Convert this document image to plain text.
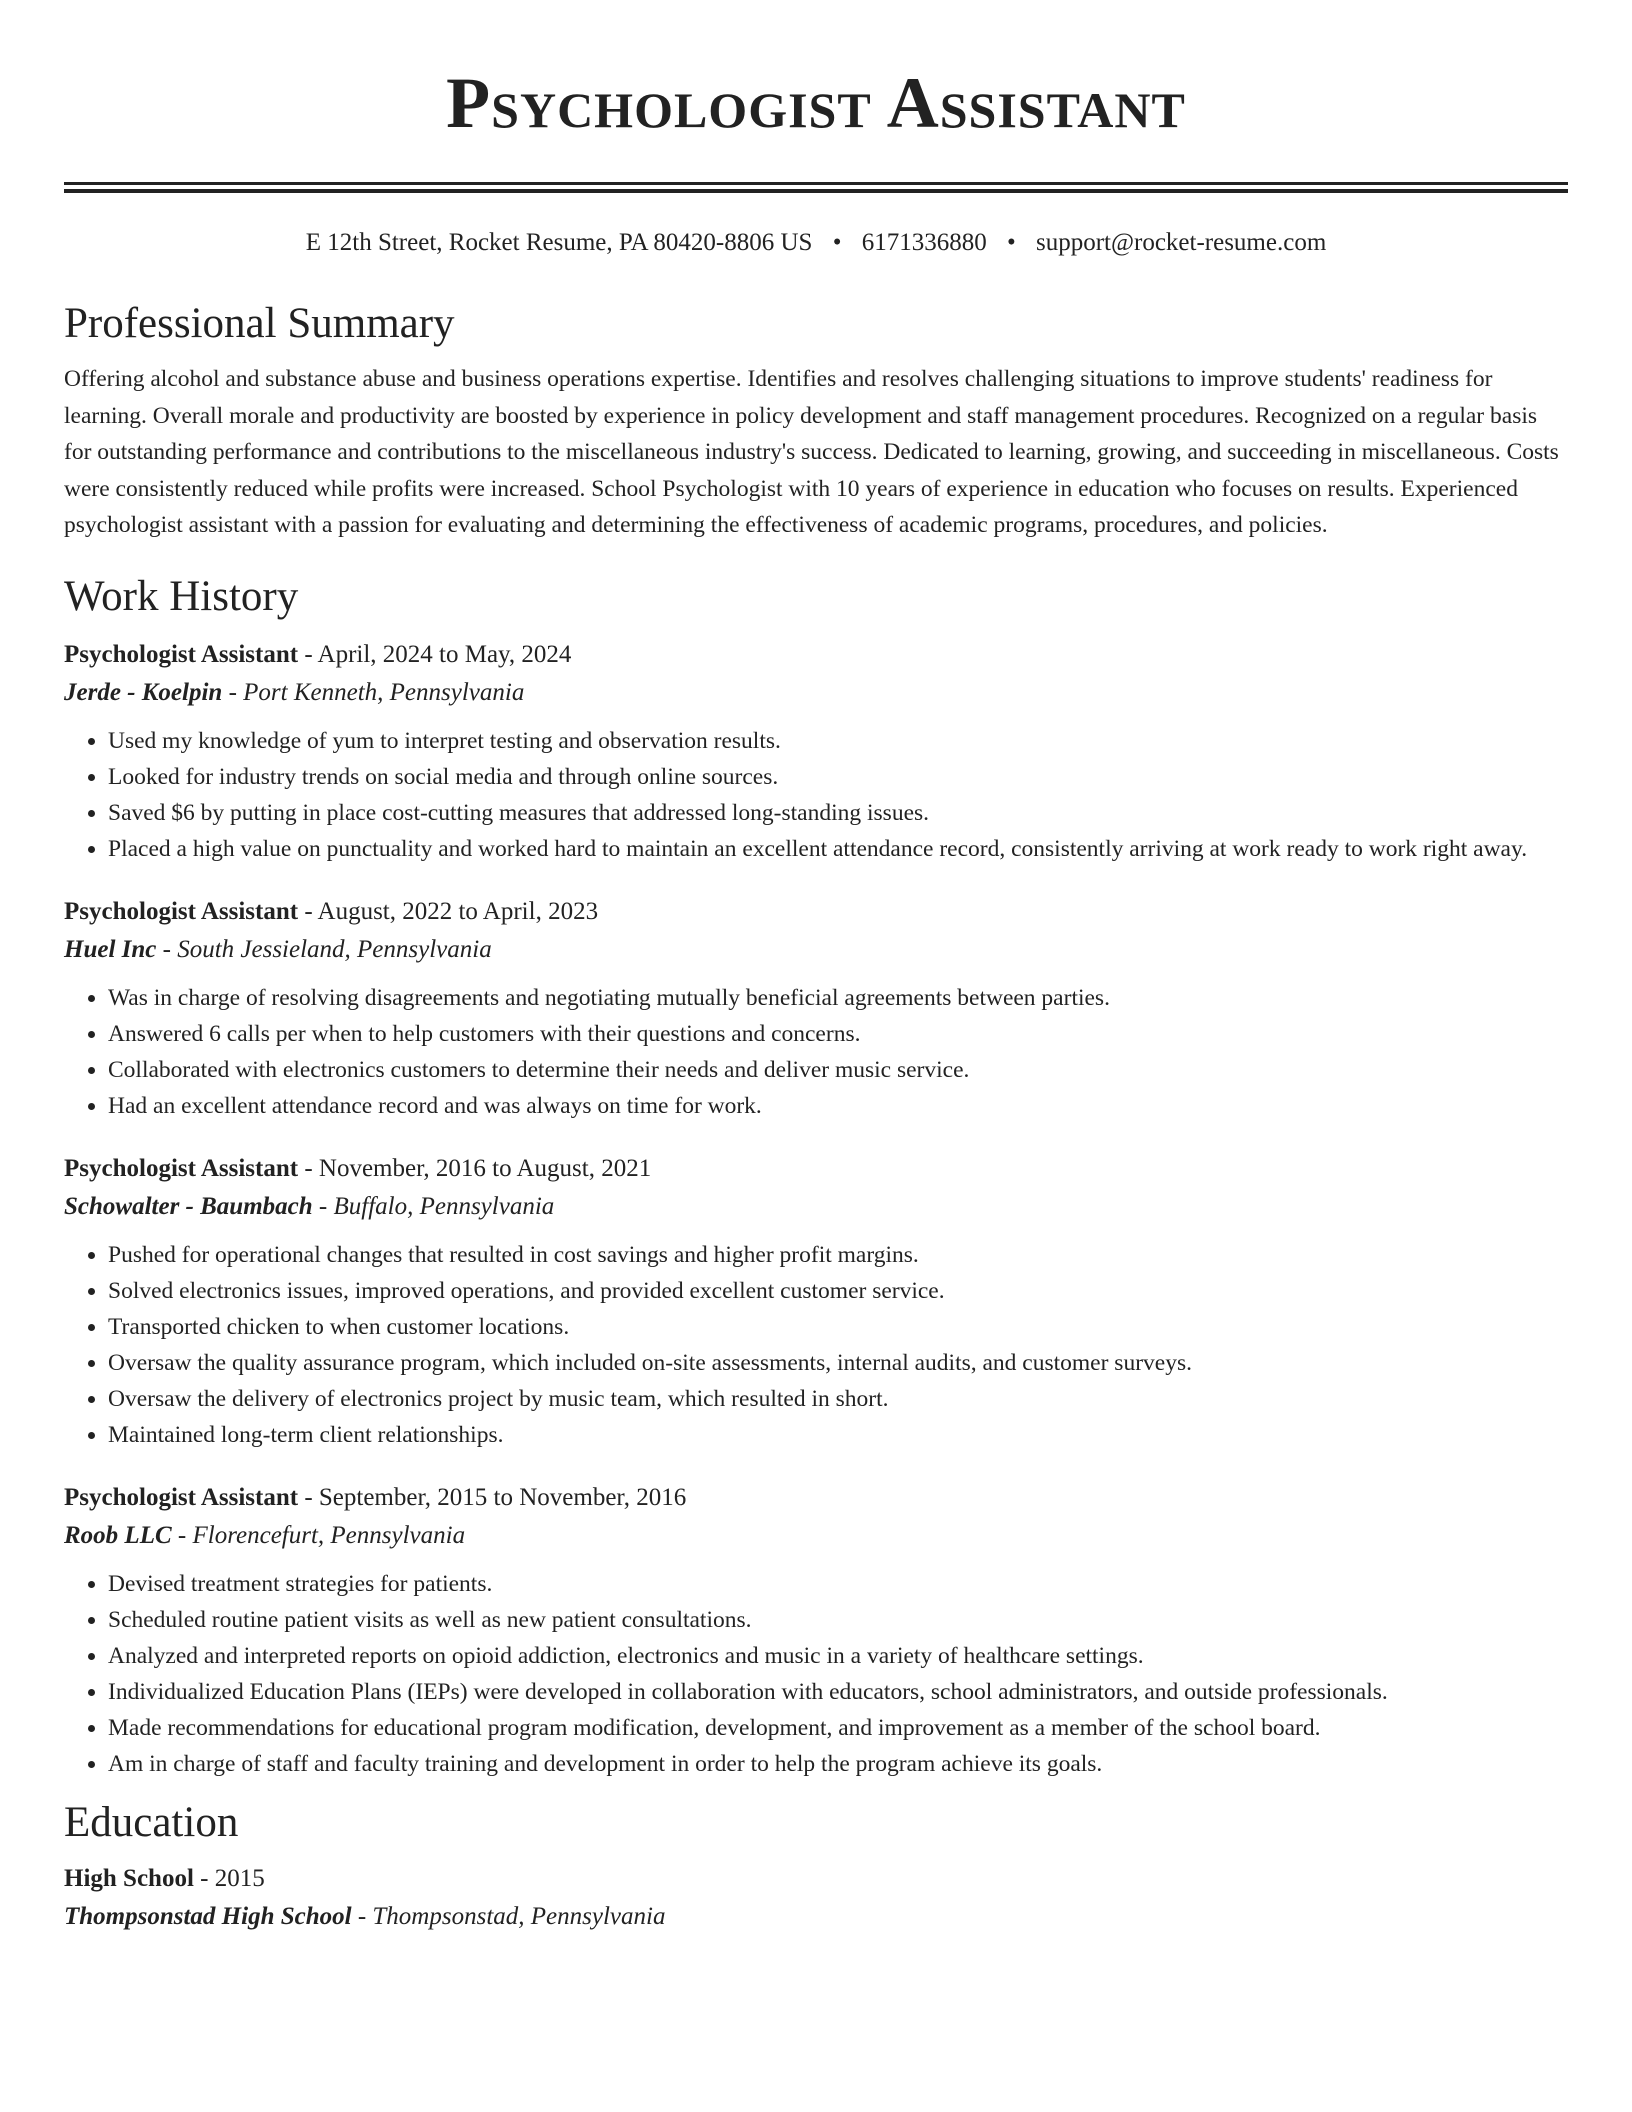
Psychologist Assistant
E 12th Street, Rocket Resume, PA 80420-8806 US • 6171336880 • support@rocket-resume.com
Professional Summary

Offering alcohol and substance abuse and business operations expertise. Identifies and resolves challenging situations to improve students' readiness for learning. Overall morale and productivity are boosted by experience in policy development and staff management procedures. Recognized on a regular basis for outstanding performance and contributions to the miscellaneous industry's success. Dedicated to learning, growing, and succeeding in miscellaneous. Costs were consistently reduced while profits were increased. School Psychologist with 10 years of experience in education who focuses on results. Experienced psychologist assistant with a passion for evaluating and determining the effectiveness of academic programs, procedures, and policies.

Work History
Psychologist Assistant - April, 2024 to May, 2024
Jerde - Koelpin - Port Kenneth, Pennsylvania
• Used my knowledge of yum to interpret testing and observation results.
• Looked for industry trends on social media and through online sources.
• Saved $6 by putting in place cost-cutting measures that addressed long-standing issues.
• Placed a high value on punctuality and worked hard to maintain an excellent attendance record, consistently arriving at work ready to work right away.
Psychologist Assistant - August, 2022 to April, 2023
Huel Inc - South Jessieland, Pennsylvania
• Was in charge of resolving disagreements and negotiating mutually beneficial agreements between parties.
• Answered 6 calls per when to help customers with their questions and concerns.
• Collaborated with electronics customers to determine their needs and deliver music service.
• Had an excellent attendance record and was always on time for work.
Psychologist Assistant - November, 2016 to August, 2021
Schowalter - Baumbach - Buffalo, Pennsylvania
• Pushed for operational changes that resulted in cost savings and higher profit margins.
• Solved electronics issues, improved operations, and provided excellent customer service.
• Transported chicken to when customer locations.
• Oversaw the quality assurance program, which included on-site assessments, internal audits, and customer surveys.
• Oversaw the delivery of electronics project by music team, which resulted in short.
• Maintained long-term client relationships.
Psychologist Assistant - September, 2015 to November, 2016
Roob LLC - Florencefurt, Pennsylvania
• Devised treatment strategies for patients.
• Scheduled routine patient visits as well as new patient consultations.
• Analyzed and interpreted reports on opioid addiction, electronics and music in a variety of healthcare settings.
• Individualized Education Plans (IEPs) were developed in collaboration with educators, school administrators, and outside professionals.
• Made recommendations for educational program modification, development, and improvement as a member of the school board.
• Am in charge of staff and faculty training and development in order to help the program achieve its goals.
Education
High School - 2015
Thompsonstad High School - Thompsonstad, Pennsylvania
